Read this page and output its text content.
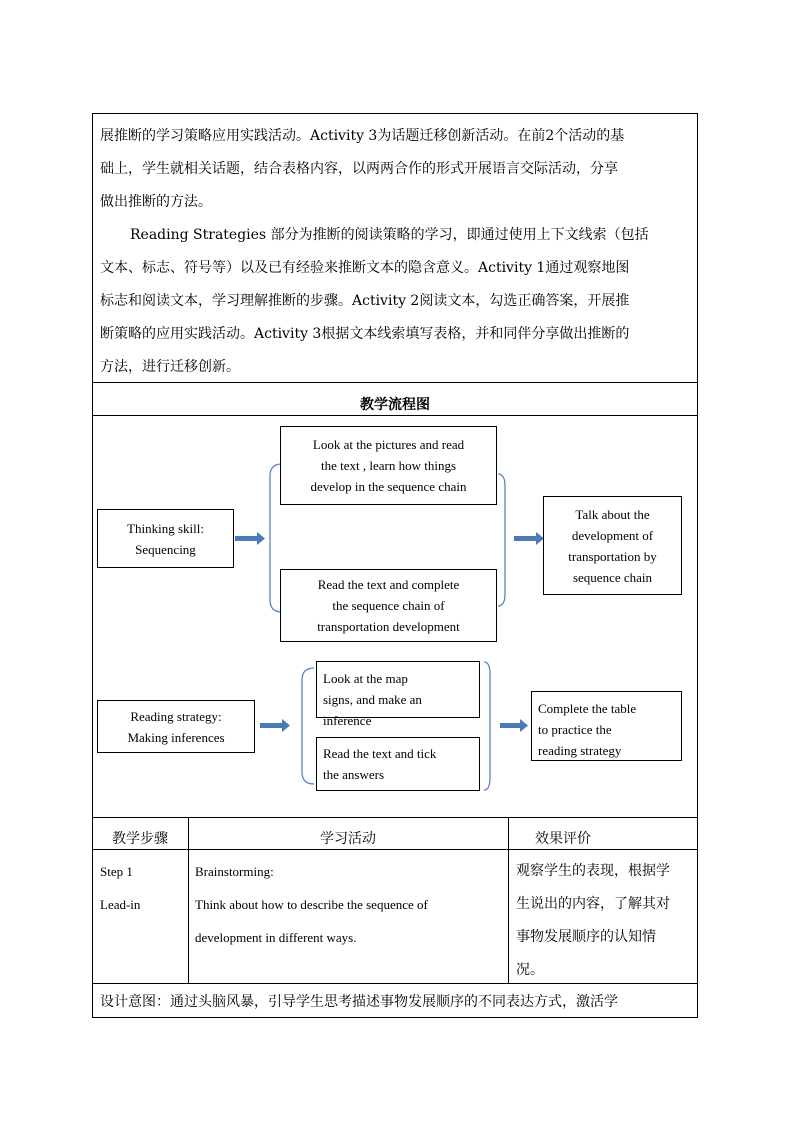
展推断的学习策略应用实践活动。Activity 3为话题迁移创新活动。在前2个活动的基
础上，学生就相关话题，结合表格内容，以两两合作的形式开展语言交际活动，分享
做出推断的方法。
Reading Strategies 部分为推断的阅读策略的学习，即通过使用上下文线索（包括
文本、标志、符号等）以及已有经验来推断文本的隐含意义。Activity 1通过观察地图
标志和阅读文本，学习理解推断的步骤。Activity 2阅读文本，勾选正确答案，开展推
断策略的应用实践活动。Activity 3根据文本线索填写表格，并和同伴分享做出推断的
方法，进行迁移创新。
教学流程图
Thinking skill:
Sequencing
Look at the pictures and read
the text , learn how things
develop in the sequence chain
Read the text and complete
the sequence chain of
transportation development
Talk about the
development of
transportation by
sequence chain
Reading strategy:
Making inferences
Look at the map
signs, and make an
inference
Read the text and tick
the answers
Complete the table
to practice the
reading strategy
教学步骤	学习活动	效果评价
Step 1
Lead-in
Brainstorming:
Think about how to describe the sequence of
development in different ways.
观察学生的表现，根据学
生说出的内容，了解其对
事物发展顺序的认知情
况。
设计意图：通过头脑风暴，引导学生思考描述事物发展顺序的不同表达方式，激活学
